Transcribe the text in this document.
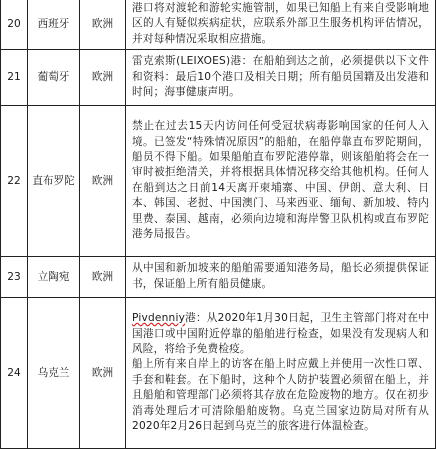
20	西班牙	欧洲	港口将对渡轮和游轮实施管制，如果已知船上有来自受影响地区的人有疑似疾病症状，应联系外部卫生服务机构评估情况，并对每种情况采取相应措施。
21	葡萄牙	欧洲	雷克索斯(LEIXOES)港：在船舶到达之前，必须提供以下文件和资料：最后10个港口及相关日期；所有船员国籍及出发港和时间；海事健康声明。
22	直布罗陀	欧洲	禁止在过去15天内访问任何受冠状病毒影响国家的任何人入境。已签发“特殊情况原因”的船舶，在船停靠直布罗陀期间，船员不得下船。如果船舶直布罗陀港停靠，则该船舶将会在一审时被拒绝清关，并将根据具体情况移交给其他机构。任何人在船到达之日前14天离开柬埔寨、中国、伊朗、意大利、日本、韩国、老挝、中国澳门、马来西亚、缅甸、新加坡、特内里费、泰国、越南，必须向边境和海岸警卫队机构或直布罗陀港务局报告。
23	立陶宛	欧洲	从中国和新加坡来的船舶需要通知港务局，船长必须提供保证书，保证船上所有船员健康。
24	乌克兰	欧洲	Pivdenniy港：从2020年1月30日起，卫生主管部门将对在中国港口或中国附近停靠的船舶进行检查，如果没有发现病人和风险，将给予免费检疫。

船上所有来自岸上的访客在船上时应戴上并使用一次性口罩、手套和鞋套。在下船时，这种个人防护装置必须留在船上，并且船舶和管理部门必须将其存放在危险废物的地方。仅在初步消毒处理后才可清除船舶废物。乌克兰国家边防局对所有从2020年2月26日起到乌克兰的旅客进行体温检查。
